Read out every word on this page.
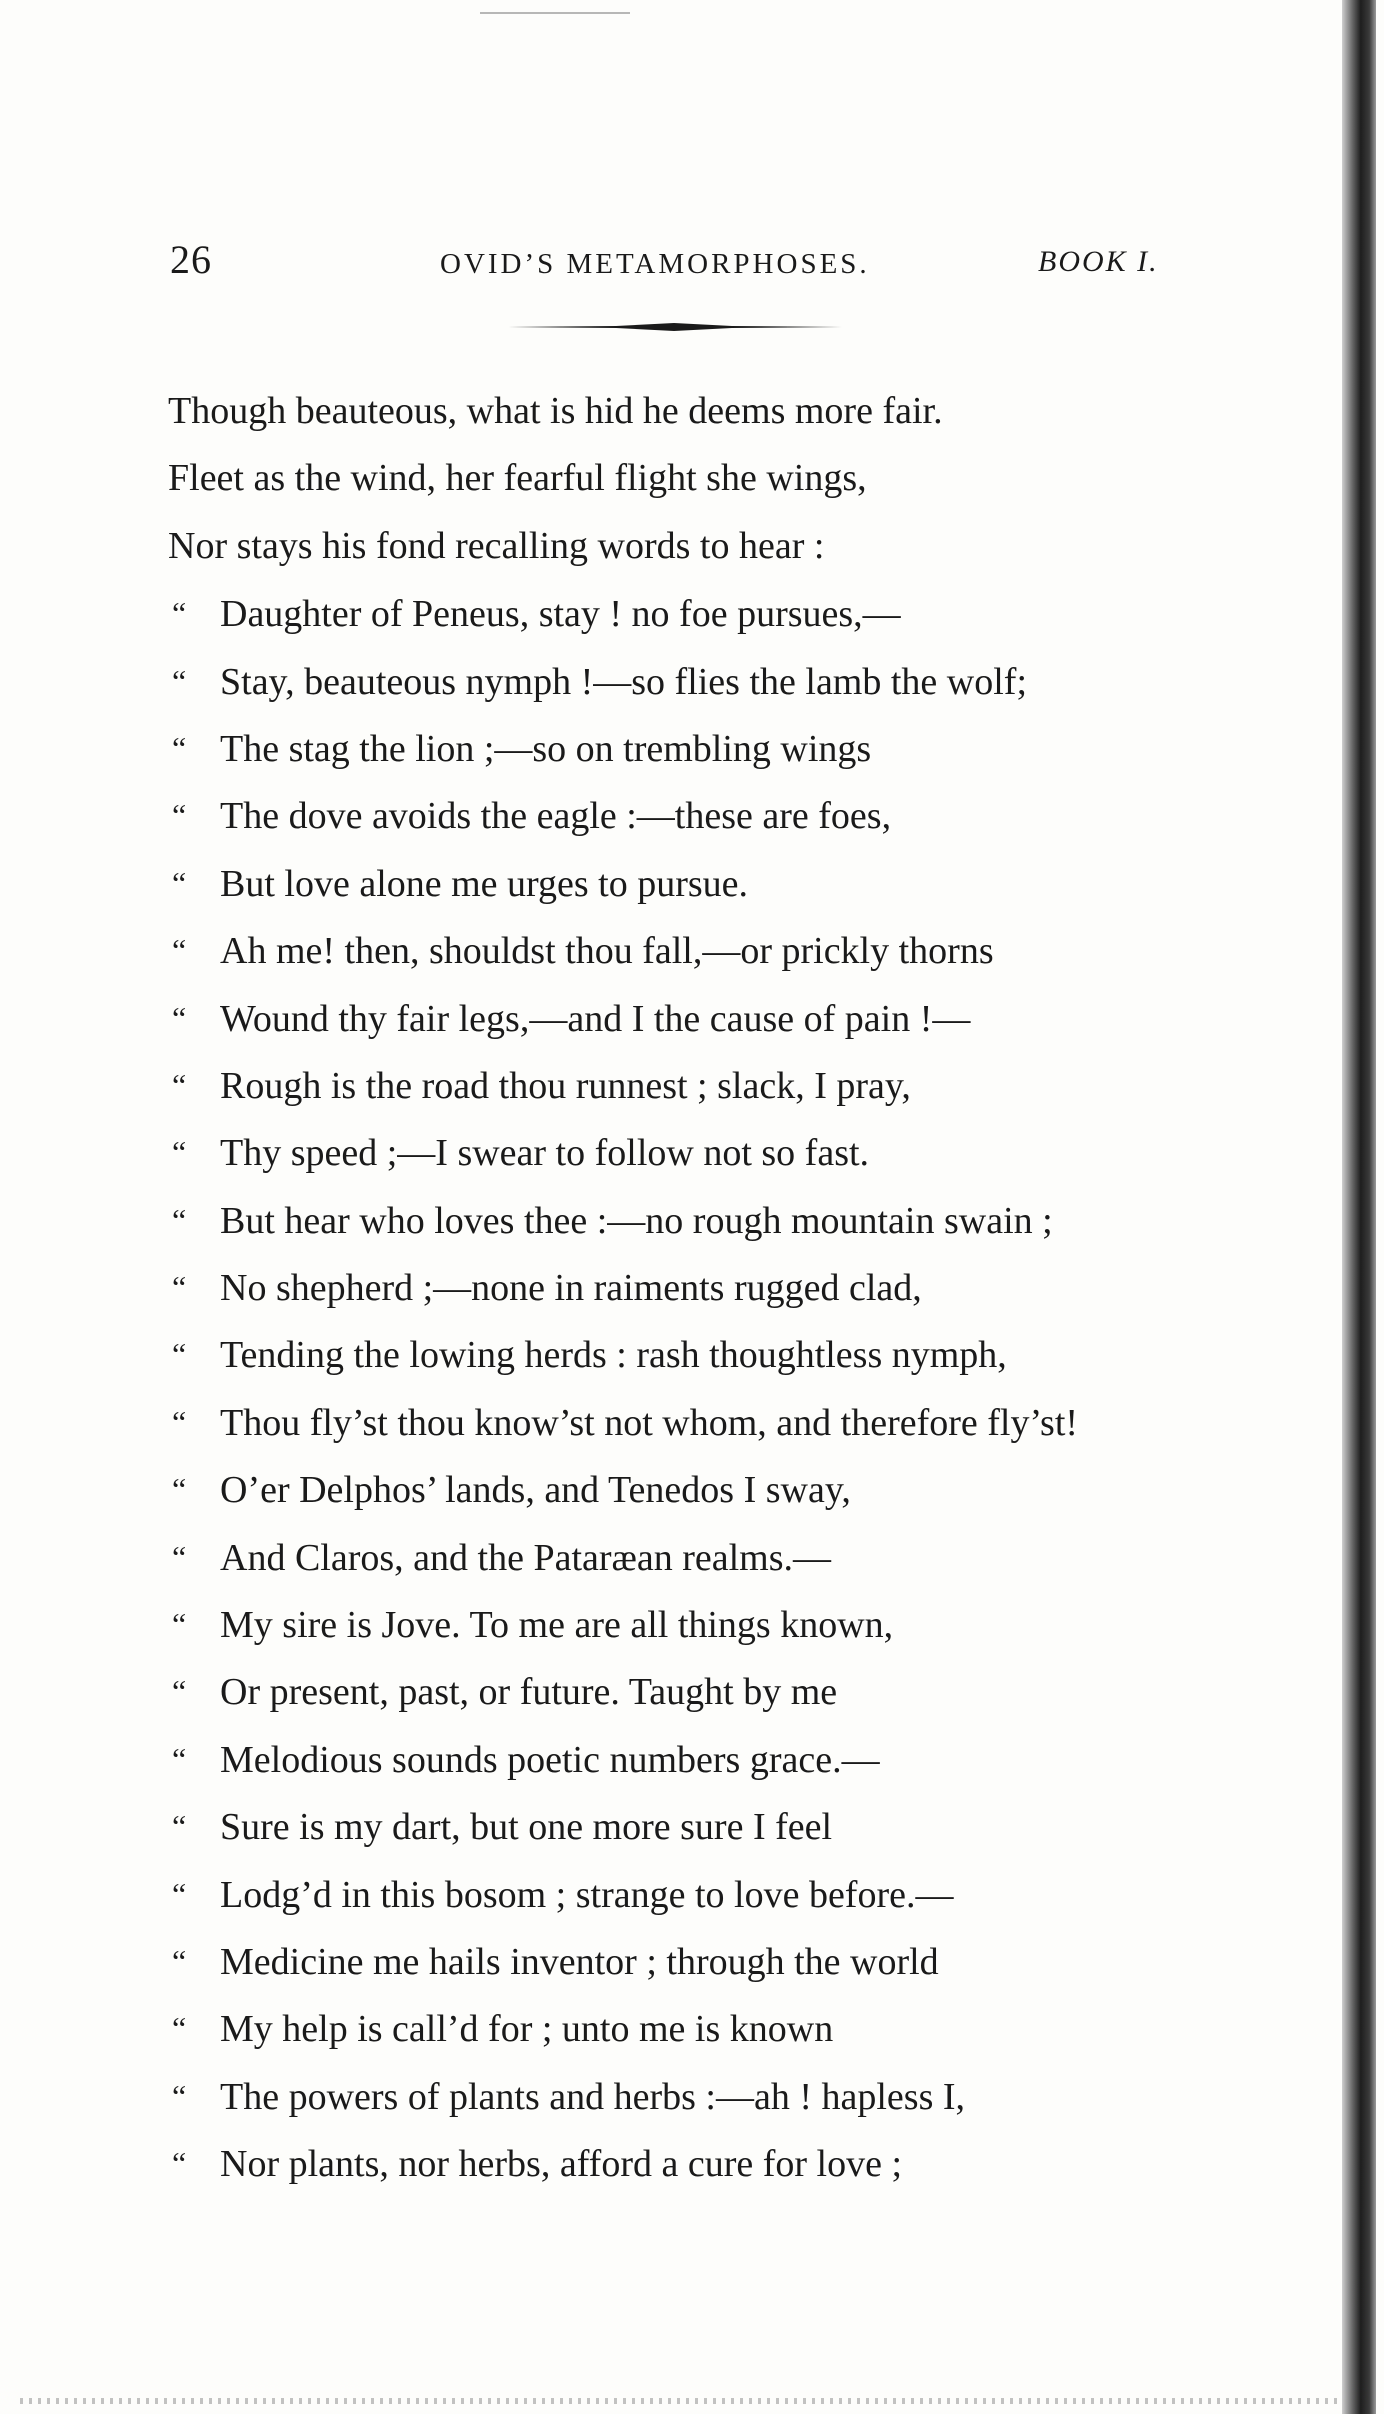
26	OVID’S METAMORPHOSES.	BOOK I.
Though beauteous, what is hid he deems more fair.
Fleet as the wind, her fearful flight she wings,
Nor stays his fond recalling words to hear :
“ Daughter of Peneus, stay ! no foe pursues,—
“ Stay, beauteous nymph !—so flies the lamb the wolf;
“ The stag the lion ;—so on trembling wings
“ The dove avoids the eagle :—these are foes,
“ But love alone me urges to pursue.
“ Ah me! then, shouldst thou fall,—or prickly thorns
“ Wound thy fair legs,—and I the cause of pain !—
“ Rough is the road thou runnest ; slack, I pray,
“ Thy speed ;—I swear to follow not so fast.
“ But hear who loves thee :—no rough mountain swain ;
“ No shepherd ;—none in raiments rugged clad,
“ Tending the lowing herds : rash thoughtless nymph,
“ Thou fly’st thou know’st not whom, and therefore fly’st!
“ O’er Delphos’ lands, and Tenedos I sway,
“ And Claros, and the Pataræan realms.—
“ My sire is Jove. To me are all things known,
“ Or present, past, or future. Taught by me
“ Melodious sounds poetic numbers grace.—
“ Sure is my dart, but one more sure I feel
“ Lodg’d in this bosom ; strange to love before.—
“ Medicine me hails inventor ; through the world
“ My help is call’d for ; unto me is known
“ The powers of plants and herbs :—ah ! hapless I,
“ Nor plants, nor herbs, afford a cure for love ;
